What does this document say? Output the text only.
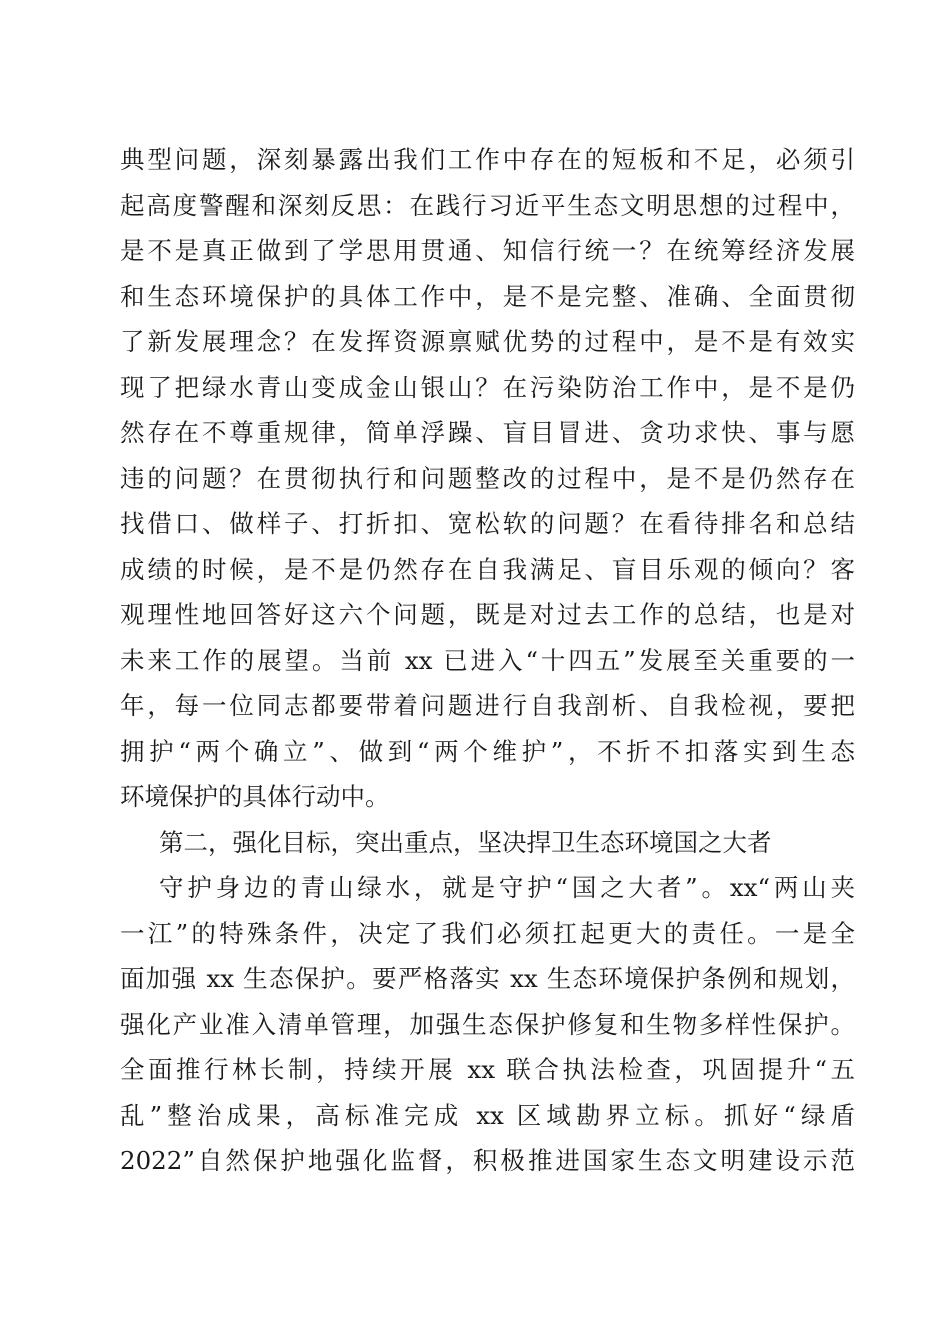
典型问题，深刻暴露出我们工作中存在的短板和不足，必须引
起高度警醒和深刻反思：在践行习近平生态文明思想的过程中，
是不是真正做到了学思用贯通、知信行统一？在统筹经济发展
和生态环境保护的具体工作中，是不是完整、准确、全面贯彻
了新发展理念？在发挥资源禀赋优势的过程中，是不是有效实
现了把绿水青山变成金山银山？在污染防治工作中，是不是仍
然存在不尊重规律，简单浮躁、盲目冒进、贪功求快、事与愿
违的问题？在贯彻执行和问题整改的过程中，是不是仍然存在
找借口、做样子、打折扣、宽松软的问题？在看待排名和总结
成绩的时候，是不是仍然存在自我满足、盲目乐观的倾向？客
观理性地回答好这六个问题，既是对过去工作的总结，也是对
未来工作的展望。当前 xx 已进入“十四五”发展至关重要的一
年，每一位同志都要带着问题进行自我剖析、自我检视，要把
拥护“两个确立”、做到“两个维护”，不折不扣落实到生态
环境保护的具体行动中。
第二，强化目标，突出重点，坚决捍卫生态环境国之大者
守护身边的青山绿水，就是守护“国之大者”。xx“两山夹
一江”的特殊条件，决定了我们必须扛起更大的责任。一是全
面加强 xx 生态保护。要严格落实 xx 生态环境保护条例和规划，
强化产业准入清单管理，加强生态保护修复和生物多样性保护。
全面推行林长制，持续开展 xx 联合执法检查，巩固提升“五
乱”整治成果，高标准完成 xx 区域勘界立标。抓好“绿盾
2022”自然保护地强化监督，积极推进国家生态文明建设示范
